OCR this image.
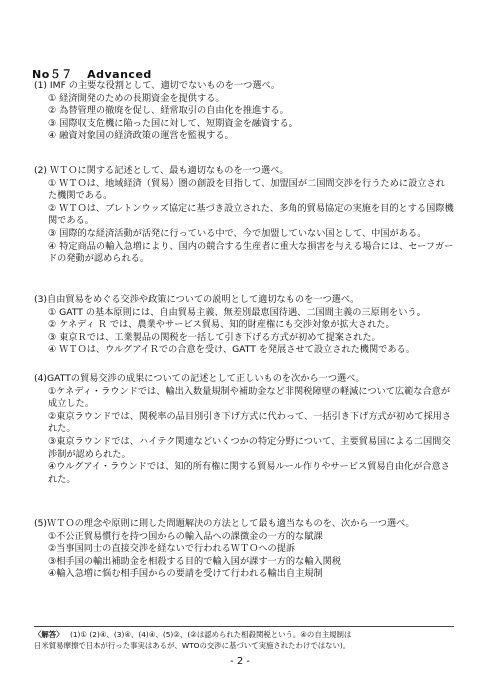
No５７ Advanced
(1) IMF の主要な役割として、適切でないものを一つ選べ。
① 経済開発のための長期資金を提供する。
② 為替管理の撤廃を促し、経常取引の自由化を推進する。
③ 国際収支危機に陥った国に対して、短期資金を融資する。
④ 融資対象国の経済政策の運営を監視する。
(2) ＷＴＯに関する記述として、最も適切なものを一つ選べ。
① ＷＴＯは、地域経済（貿易）圏の創設を目指して、加盟国が二国間交渉を行うために設立された機関である。
② ＷＴＯは、ブレトンウッズ協定に基づき設立された、多角的貿易協定の実施を目的とする国際機関である。
③ 国際的な経済活動が活発に行っている中で、今で加盟していない国として、中国がある。
④ 特定商品の輸入急増により、国内の競合する生産者に重大な損害を与える場合には、セーフガードの発動が認められる。
(3)自由貿易をめぐる交渉や政策についての説明として適切なものを一つ選べ。
① GATT の基本原則には、自由貿易主義、無差別最恵国待遇、二国間主義の三原則をいう。
② ケネディ Ｒ では、農業やサービス貿易、知的財産権にも交渉対象が拡大された。
③ 東京Ｒでは、工業製品の関税を一括して引き下げる方式が初めて提案された。
④ ＷＴＯは、ウルグアイＲでの合意を受け、GATT を発展させて設立された機関である。
(4)GATTの貿易交渉の成果についての記述として正しいものを次から一つ選べ。
①ケネディ・ラウンドでは、輸出入数量規制や補助金など非関税障壁の軽減について広範な合意が成立した。
②東京ラウンドでは、関税率の品目別引き下げ方式に代わって、一括引き下げ方式が初めて採用された。
③東京ラウンドでは、ハイテク関連などいくつかの特定分野について、主要貿易国による二国間交渉制が認められた。
④ウルグアイ・ラウンドでは、知的所有権に関する貿易ルール作りやサービス貿易自由化が合意された。
(5)ＷＴＯの理念や原則に則した問題解決の方法として最も適当なものを、次から一つ選べ。
①不公正貿易慣行を持つ国からの輸入品への課徴金の一方的な賦課
②当事国同士の直接交渉を経ないで行われるＷＴＯへの提訴
③相手国の輸出補助金を相殺する目的で輸入国が課す一方的な輸入関税
④輸入急増に悩む相手国からの要請を受けて行われる輸出自主規制
〈解答〉 (1)① (2)④、(3)④、(4)④、(5)②、(②は認められた相殺関税という。④の自主規制は
日米貿易摩擦で日本が行った事実はあるが、WTOの交渉に基づいて実施されたわけではない)。
- 2 -
